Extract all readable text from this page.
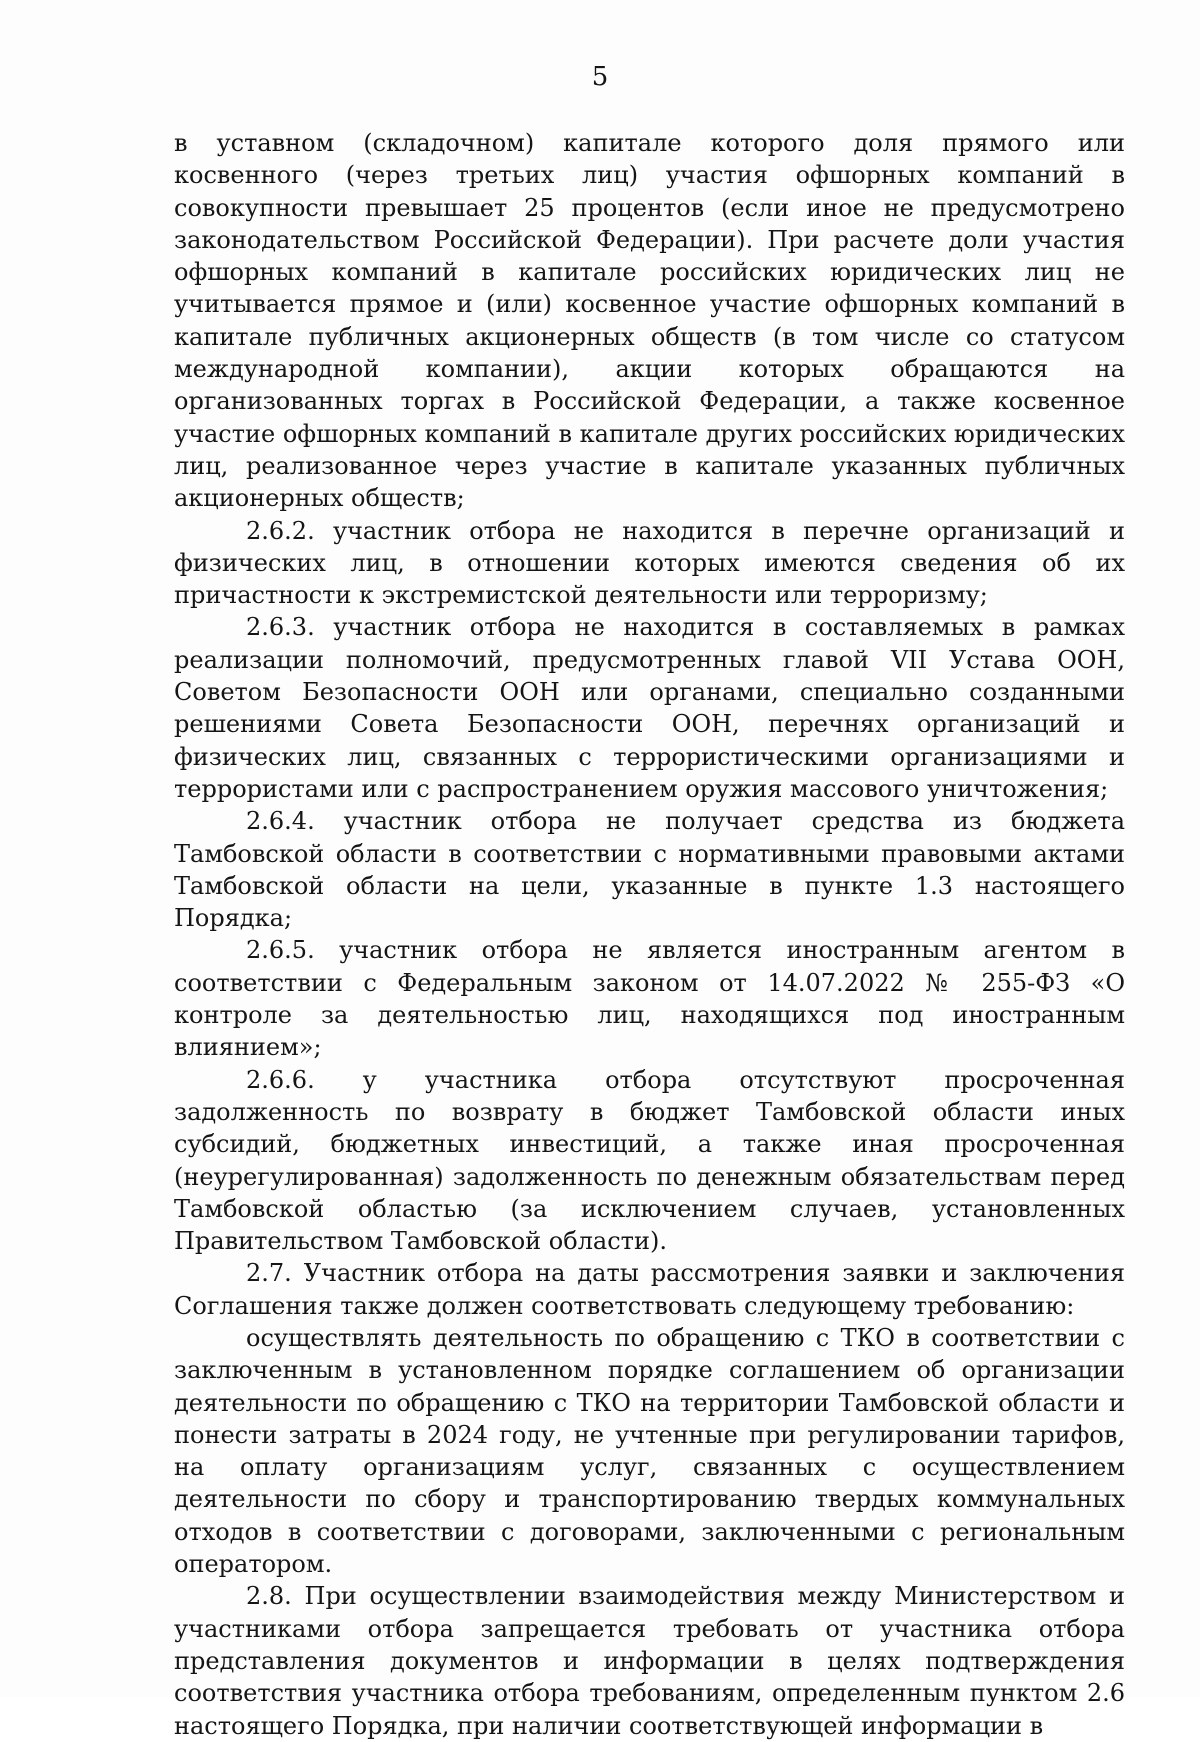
5

в уставном (складочном) капитале которого доля прямого или косвенного (через третьих лиц) участия офшорных компаний в совокупности превышает 25 процентов (если иное не предусмотрено законодательством Российской Федерации). При расчете доли участия офшорных компаний в капитале российских юридических лиц не учитывается прямое и (или) косвенное участие офшорных компаний в капитале публичных акционерных обществ (в том числе со статусом международной компании), акции которых обращаются на организованных торгах в Российской Федерации, а также косвенное участие офшорных компаний в капитале других российских юридических лиц, реализованное через участие в капитале указанных публичных акционерных обществ;

2.6.2. участник отбора не находится в перечне организаций и физических лиц, в отношении которых имеются сведения об их причастности к экстремистской деятельности или терроризму;

2.6.3. участник отбора не находится в составляемых в рамках реализации полномочий, предусмотренных главой VII Устава ООН, Советом Безопасности ООН или органами, специально созданными решениями Совета Безопасности ООН, перечнях организаций и физических лиц, связанных с террористическими организациями и террористами или с распространением оружия массового уничтожения;

2.6.4. участник отбора не получает средства из бюджета Тамбовской области в соответствии с нормативными правовыми актами Тамбовской области на цели, указанные в пункте 1.3 настоящего Порядка;

2.6.5. участник отбора не является иностранным агентом в соответствии с Федеральным законом от 14.07.2022 № 255-ФЗ «О контроле за деятельностью лиц, находящихся под иностранным влиянием»;

2.6.6. у участника отбора отсутствуют просроченная задолженность по возврату в бюджет Тамбовской области иных субсидий, бюджетных инвестиций, а также иная просроченная (неурегулированная) задолженность по денежным обязательствам перед Тамбовской областью (за исключением случаев, установленных Правительством Тамбовской области).

2.7. Участник отбора на даты рассмотрения заявки и заключения Соглашения также должен соответствовать следующему требованию:

осуществлять деятельность по обращению с ТКО в соответствии с заключенным в установленном порядке соглашением об организации деятельности по обращению с ТКО на территории Тамбовской области и понести затраты в 2024 году, не учтенные при регулировании тарифов, на оплату организациям услуг, связанных с осуществлением деятельности по сбору и транспортированию твердых коммунальных отходов в соответствии с договорами, заключенными с региональным оператором.

2.8. При осуществлении взаимодействия между Министерством и участниками отбора запрещается требовать от участника отбора представления документов и информации в целях подтверждения соответствия участника отбора требованиям, определенным пунктом 2.6 настоящего Порядка, при наличии соответствующей информации в
